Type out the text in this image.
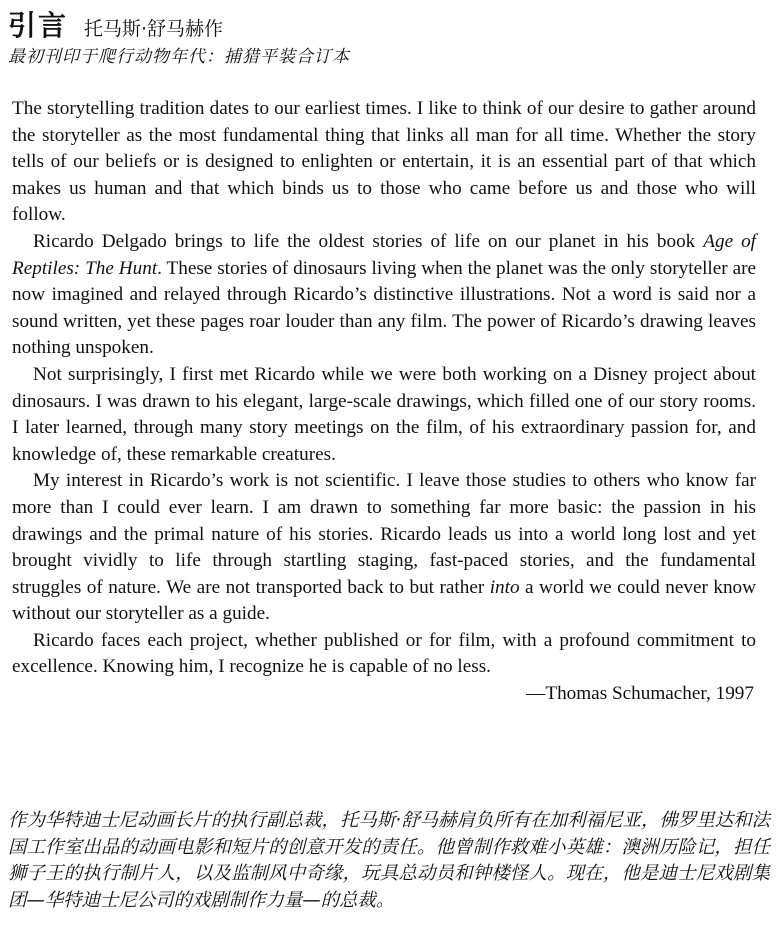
引言 托马斯·舒马赫作
最初刊印于爬行动物年代：捕猎平装合订本

The storytelling tradition dates to our earliest times. I like to think of our desire to gather around the storyteller as the most fundamental thing that links all man for all time. Whether the story tells of our beliefs or is designed to enlighten or entertain, it is an essential part of that which makes us human and that which binds us to those who came before us and those who will follow.

Ricardo Delgado brings to life the oldest stories of life on our planet in his book Age of Reptiles: The Hunt. These stories of dinosaurs living when the planet was the only storyteller are now imagined and relayed through Ricardo’s distinctive illustrations. Not a word is said nor a sound written, yet these pages roar louder than any film. The power of Ricardo’s drawing leaves nothing unspoken.

Not surprisingly, I first met Ricardo while we were both working on a Disney project about dinosaurs. I was drawn to his elegant, large-scale drawings, which filled one of our story rooms. I later learned, through many story meetings on the film, of his extraordinary passion for, and knowledge of, these remarkable creatures.

My interest in Ricardo’s work is not scientific. I leave those studies to others who know far more than I could ever learn. I am drawn to something far more basic: the passion in his drawings and the primal nature of his stories. Ricardo leads us into a world long lost and yet brought vividly to life through startling staging, fast-paced stories, and the fundamental struggles of nature. We are not transported back to but rather into a world we could never know without our storyteller as a guide.

Ricardo faces each project, whether published or for film, with a profound commitment to excellence. Knowing him, I recognize he is capable of no less.

—Thomas Schumacher, 1997
作为华特迪士尼动画长片的执行副总裁，托马斯·舒马赫肩负所有在加利福尼亚，佛罗里达和法国工作室出品的动画电影和短片的创意开发的责任。他曾制作救难小英雄：澳洲历险记，担任狮子王的执行制片人，以及监制风中奇缘，玩具总动员和钟楼怪人。现在，他是迪士尼戏剧集团—华特迪士尼公司的戏剧制作力量—的总裁。
